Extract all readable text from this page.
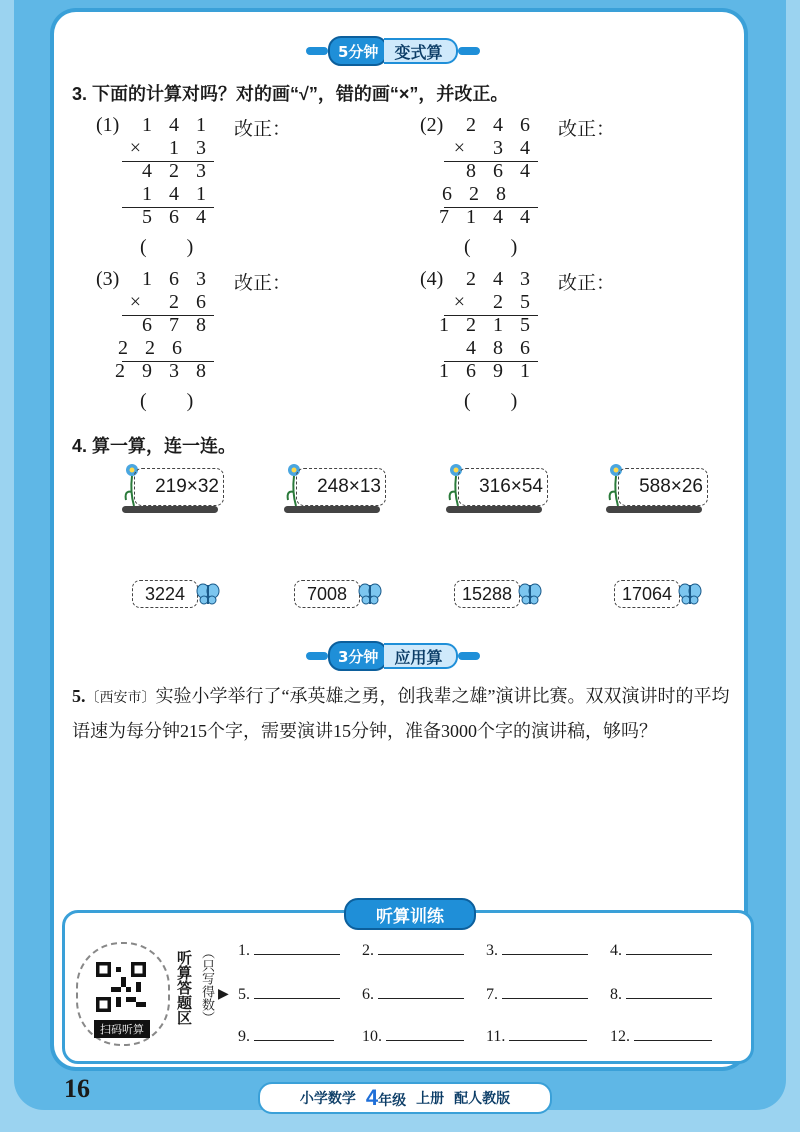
5分钟	变式算
3. 下面的计算对吗？对的画“√”，错的画“×”，并改正。
(1) 1 4 1
×  1 3
4 2 3
1 4 1
5 6 4
改正：
(　　)
(2) 2 4 6
×  3 4
8 6 4
6 2 8
7 1 4 4
改正：
(　　)
(3) 1 6 3
×  2 6
6 7 8
2 2 6
2 9 3 8
改正：
(　　)
(4) 2 4 3
×  2 5
1 2 1 5
4 8 6
1 6 9 1
改正：
(　　)
4. 算一算，连一连。
219×32	248×13	316×54	588×26
3224	7008	15288	17064
3分钟	应用算
5.〔西安市〕实验小学举行了“承英雄之勇，创我辈之雄”演讲比赛。双双演讲时的平均语速为每分钟215个字，需要演讲15分钟，准备3000个字的演讲稿，够吗？
听算训练
扫码听算
听算答题区 （只写得数） ▶
1.	2.	3.	4.
5.	6.	7.	8.
9.	10.	11.	12.
16	小学数学 4年级 上册 配人教版
